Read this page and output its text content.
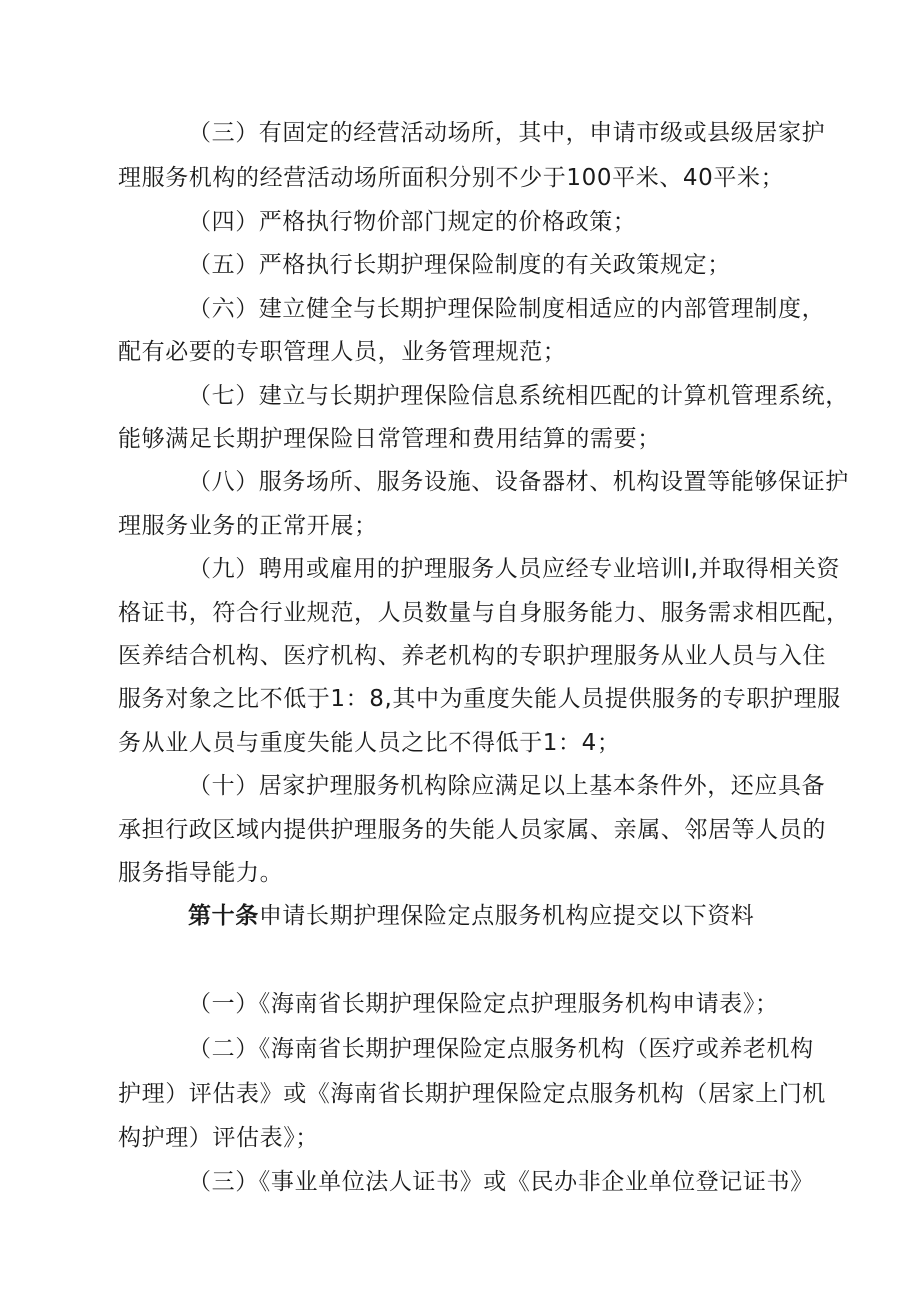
（三）有固定的经营活动场所，其中，申请市级或县级居家护
理服务机构的经营活动场所面积分别不少于100平米、40平米；
（四）严格执行物价部门规定的价格政策；
（五）严格执行长期护理保险制度的有关政策规定；
（六）建立健全与长期护理保险制度相适应的内部管理制度，
配有必要的专职管理人员，业务管理规范；
（七）建立与长期护理保险信息系统相匹配的计算机管理系统，
能够满足长期护理保险日常管理和费用结算的需要；
（八）服务场所、服务设施、设备器材、机构设置等能够保证护
理服务业务的正常开展；
（九）聘用或雇用的护理服务人员应经专业培训l,并取得相关资
格证书，符合行业规范，人员数量与自身服务能力、服务需求相匹配，
医养结合机构、医疗机构、养老机构的专职护理服务从业人员与入住
服务对象之比不低于1：8,其中为重度失能人员提供服务的专职护理服
务从业人员与重度失能人员之比不得低于1：4；
（十）居家护理服务机构除应满足以上基本条件外，还应具备
承担行政区域内提供护理服务的失能人员家属、亲属、邻居等人员的
服务指导能力。
第十条申请长期护理保险定点服务机构应提交以下资料
（一）《海南省长期护理保险定点护理服务机构申请表》；
（二）《海南省长期护理保险定点服务机构（医疗或养老机构
护理）评估表》或《海南省长期护理保险定点服务机构（居家上门机
构护理）评估表》；
（三）《事业单位法人证书》或《民办非企业单位登记证书》
